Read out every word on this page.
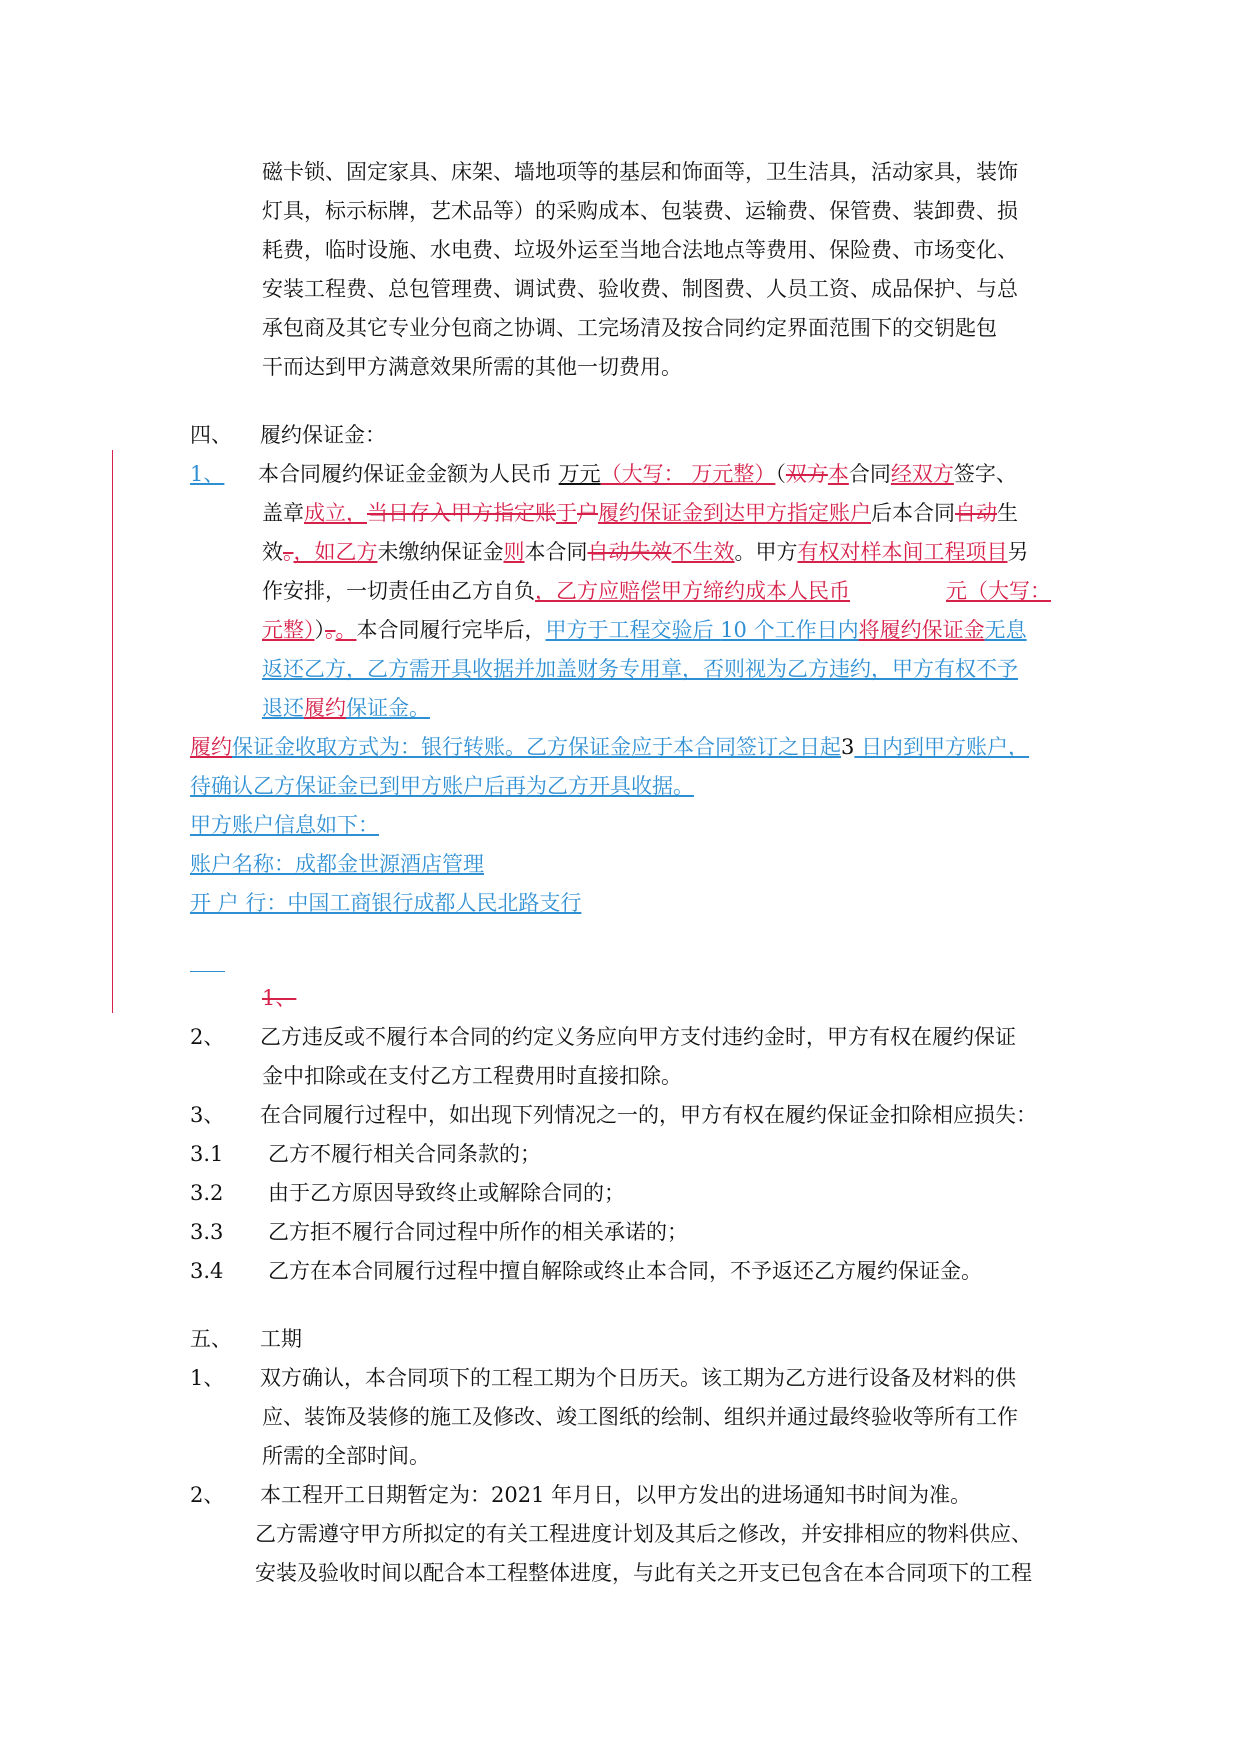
磁卡锁、固定家具、床架、墙地项等的基层和饰面等，卫生洁具，活动家具，装饰
灯具，标示标牌，艺术品等）的采购成本、包装费、运输费、保管费、装卸费、损
耗费，临时设施、水电费、垃圾外运至当地合法地点等费用、保险费、市场变化、
安装工程费、总包管理费、调试费、验收费、制图费、人员工资、成品保护、与总
承包商及其它专业分包商之协调、工完场清及按合同约定界面范围下的交钥匙包
干而达到甲方满意效果所需的其他一切费用。
四、 履约保证金：
1、 本合同履约保证金金额为人民币 万元（大写： 万元整）（双方本合同经双方签字、
盖章成立，当日存入甲方指定账于户履约保证金到达甲方指定账户后本合同自动生
效。，如乙方未缴纳保证金则本合同自动失效不生效。甲方有权对样本间工程项目另
作安排，一切责任由乙方自负，乙方应赔偿甲方缔约成本人民币	元（大写：
元整））。。本合同履行完毕后，甲方于工程交验后 10 个工作日内将履约保证金无息
返还乙方，乙方需开具收据并加盖财务专用章，否则视为乙方违约，甲方有权不予
退还履约保证金。
履约保证金收取方式为：银行转账。乙方保证金应于本合同签订之日起3 日内到甲方账户，
待确认乙方保证金已到甲方账户后再为乙方开具收据。
甲方账户信息如下：
账户名称：成都金世源酒店管理
开 户 行：中国工商银行成都人民北路支行
1、
2、 乙方违反或不履行本合同的约定义务应向甲方支付违约金时，甲方有权在履约保证
金中扣除或在支付乙方工程费用时直接扣除。
3、 在合同履行过程中，如出现下列情况之一的，甲方有权在履约保证金扣除相应损失：
3.1 乙方不履行相关合同条款的；
3.2 由于乙方原因导致终止或解除合同的；
3.3 乙方拒不履行合同过程中所作的相关承诺的；
3.4 乙方在本合同履行过程中擅自解除或终止本合同，不予返还乙方履约保证金。
五、 工期
1、 双方确认，本合同项下的工程工期为个日历天。该工期为乙方进行设备及材料的供
应、装饰及装修的施工及修改、竣工图纸的绘制、组织并通过最终验收等所有工作
所需的全部时间。
2、 本工程开工日期暂定为：2021 年月日，以甲方发出的进场通知书时间为准。
乙方需遵守甲方所拟定的有关工程进度计划及其后之修改，并安排相应的物料供应、
安装及验收时间以配合本工程整体进度，与此有关之开支已包含在本合同项下的工程
